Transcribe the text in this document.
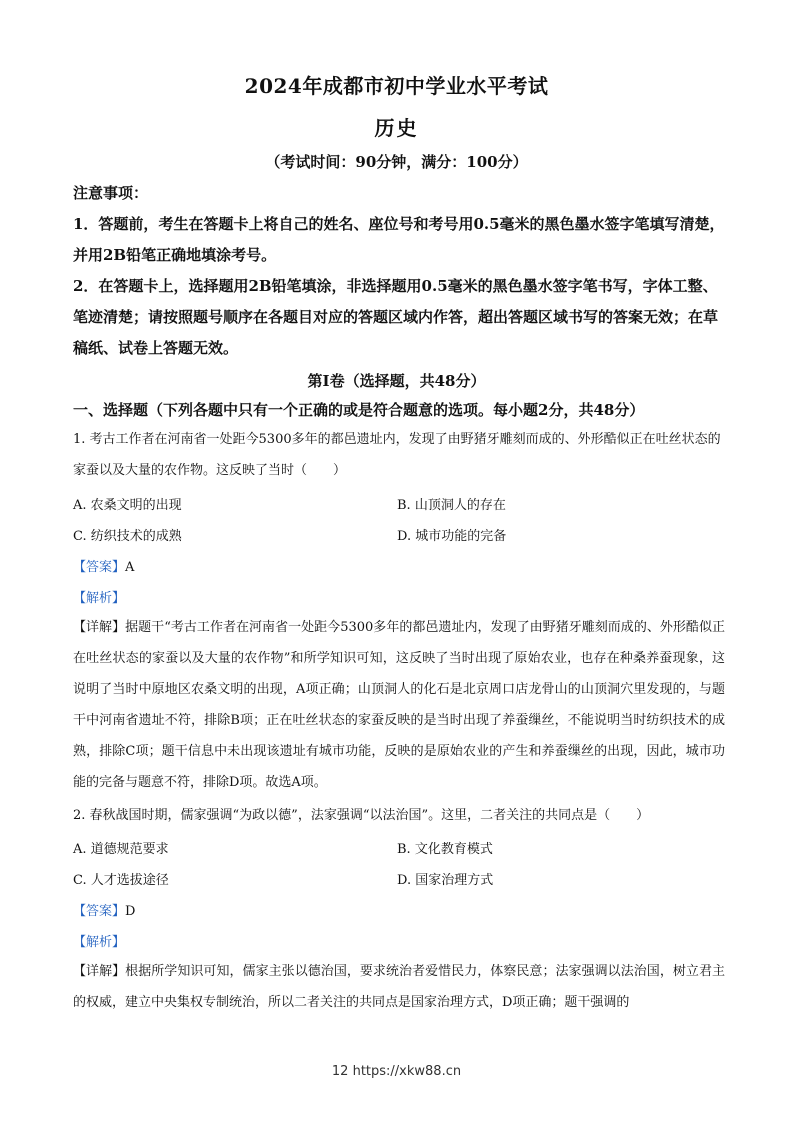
2024年成都市初中学业水平考试
历史
（考试时间：90分钟，满分：100分）
注意事项：
1．答题前，考生在答题卡上将自己的姓名、座位号和考号用0.5毫米的黑色墨水签字笔填写清楚，并用2B铅笔正确地填涂考号。
2．在答题卡上，选择题用2B铅笔填涂，非选择题用0.5毫米的黑色墨水签字笔书写，字体工整、笔迹清楚；请按照题号顺序在各题目对应的答题区域内作答，超出答题区域书写的答案无效；在草稿纸、试卷上答题无效。
第Ⅰ卷（选择题，共48分）
一、选择题（下列各题中只有一个正确的或是符合题意的选项。每小题2分，共48分）
1. 考古工作者在河南省一处距今5300多年的都邑遗址内，发现了由野猪牙雕刻而成的、外形酷似正在吐丝状态的家蚕以及大量的农作物。这反映了当时（　　）
A. 农桑文明的出现	B. 山顶洞人的存在
C. 纺织技术的成熟	D. 城市功能的完备
【答案】A
【解析】
【详解】据题干“考古工作者在河南省一处距今5300多年的都邑遗址内，发现了由野猪牙雕刻而成的、外形酷似正在吐丝状态的家蚕以及大量的农作物”和所学知识可知，这反映了当时出现了原始农业，也存在种桑养蚕现象，这说明了当时中原地区农桑文明的出现，A项正确；山顶洞人的化石是北京周口店龙骨山的山顶洞穴里发现的，与题干中河南省遗址不符，排除B项；正在吐丝状态的家蚕反映的是当时出现了养蚕缫丝，不能说明当时纺织技术的成熟，排除C项；题干信息中未出现该遗址有城市功能，反映的是原始农业的产生和养蚕缫丝的出现，因此，城市功能的完备与题意不符，排除D项。故选A项。
2. 春秋战国时期，儒家强调“为政以德”，法家强调“以法治国”。这里，二者关注的共同点是（　　）
A. 道德规范要求	B. 文化教育模式
C. 人才选拔途径	D. 国家治理方式
【答案】D
【解析】
【详解】根据所学知识可知，儒家主张以德治国，要求统治者爱惜民力，体察民意；法家强调以法治国，树立君主的权威，建立中央集权专制统治，所以二者关注的共同点是国家治理方式，D项正确；题干强调的
12 https://xkw88.cn
